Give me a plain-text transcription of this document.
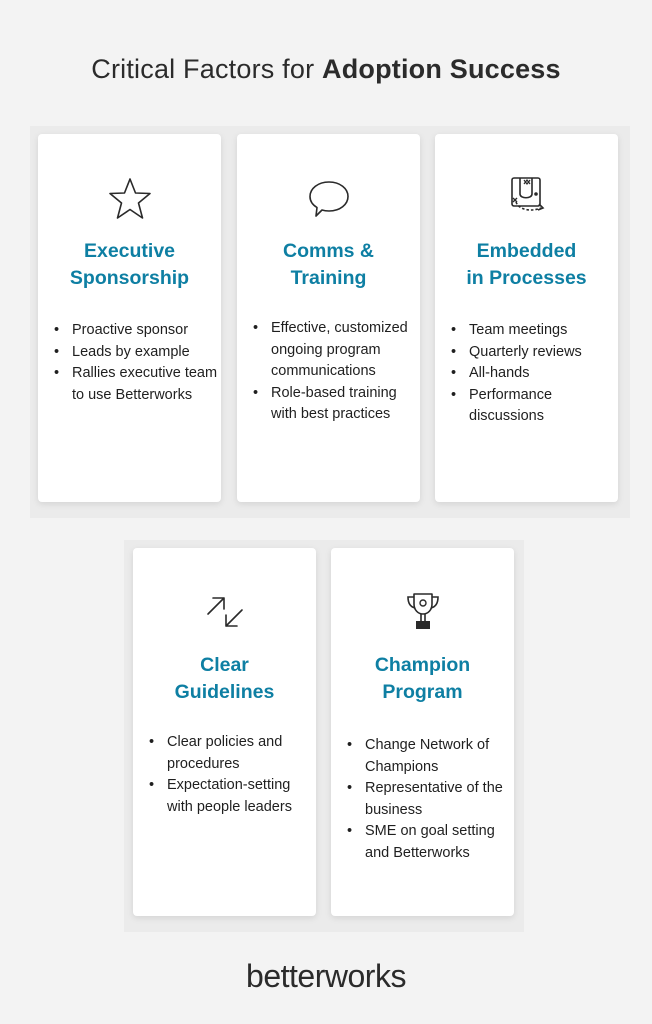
Critical Factors for Adoption Success
Executive
Sponsorship
• Proactive sponsor
• Leads by example
• Rallies executive team to use Betterworks
Comms &
Training
• Effective, customized ongoing program communications
• Role-based training with best practices
Embedded
in Processes
• Team meetings
• Quarterly reviews
• All-hands
• Performance discussions
Clear
Guidelines
• Clear policies and procedures
• Expectation-setting with people leaders
Champion
Program
• Change Network of Champions
• Representative of the business
• SME on goal setting and Betterworks
betterworks
